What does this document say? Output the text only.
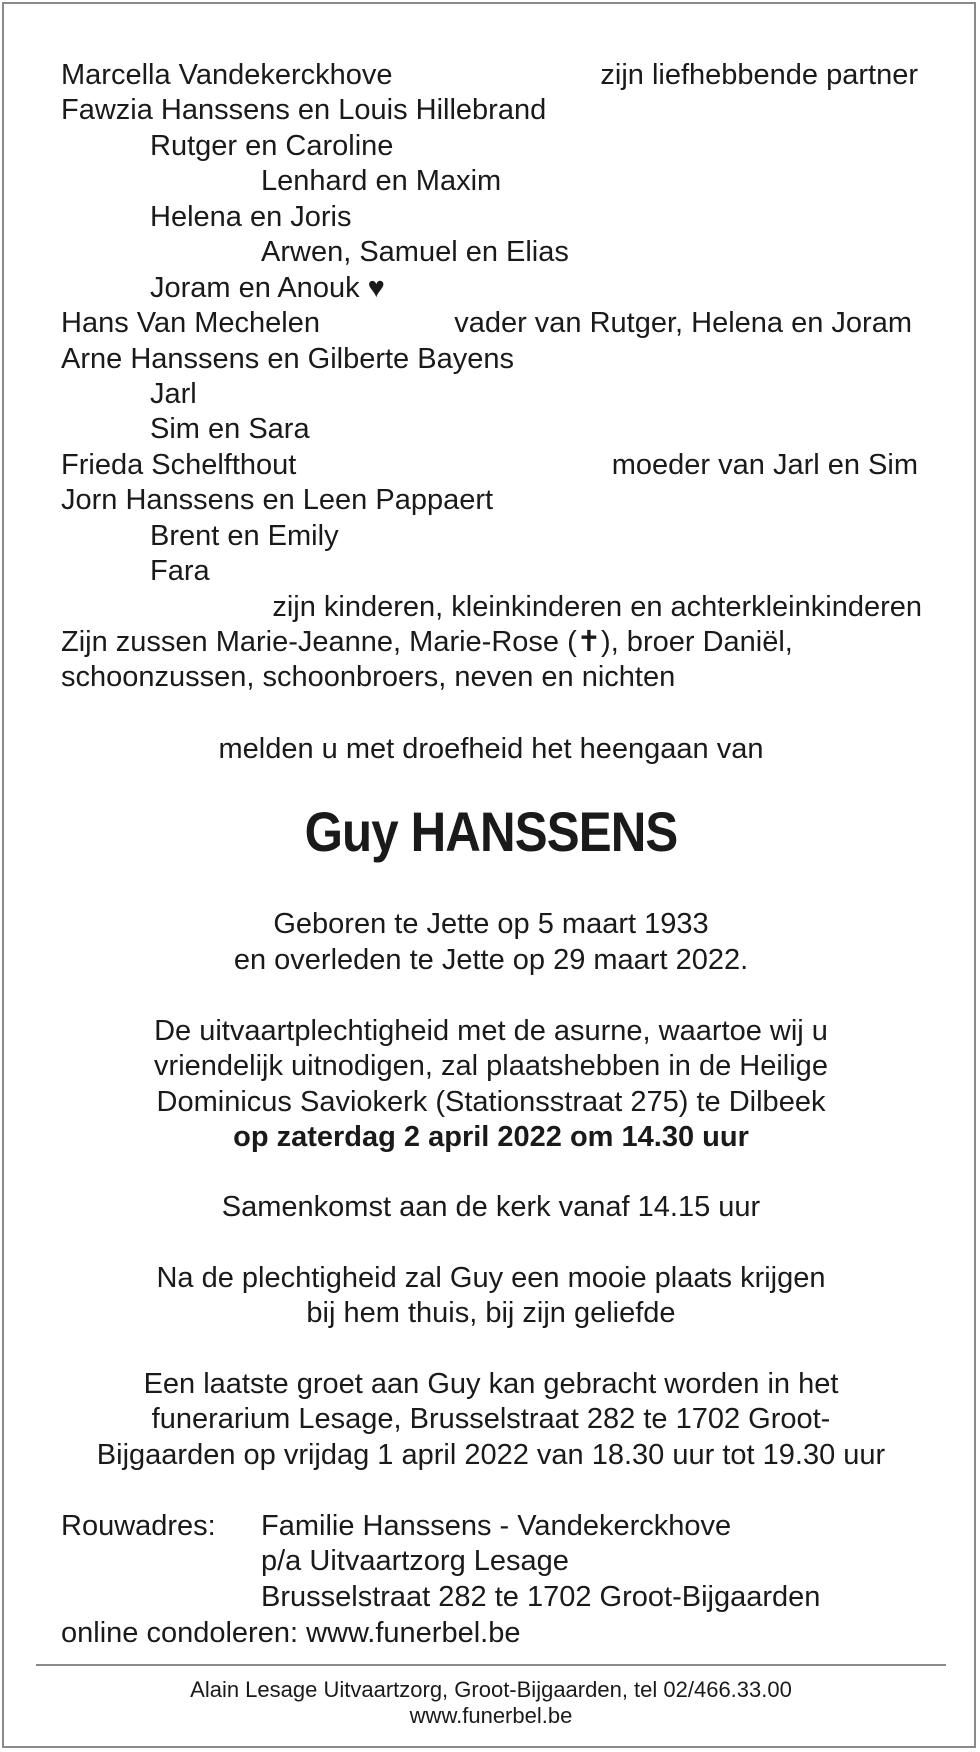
Marcella Vandekerckhove	zijn liefhebbende partner
Fawzia Hanssens en Louis Hillebrand
Rutger en Caroline
Lenhard en Maxim
Helena en Joris
Arwen, Samuel en Elias
Joram en Anouk ♥
Hans Van Mechelen	vader van Rutger, Helena en Joram
Arne Hanssens en Gilberte Bayens
Jarl
Sim en Sara
Frieda Schelfthout	moeder van Jarl en Sim
Jorn Hanssens en Leen Pappaert
Brent en Emily
Fara
zijn kinderen, kleinkinderen en achterkleinkinderen
Zijn zussen Marie-Jeanne, Marie-Rose (✝), broer Daniël,
schoonzussen, schoonbroers, neven en nichten
melden u met droefheid het heengaan van
Guy HANSSENS
Geboren te Jette op 5 maart 1933
en overleden te Jette op 29 maart 2022.
De uitvaartplechtigheid met de asurne, waartoe wij u
vriendelijk uitnodigen, zal plaatshebben in de Heilige
Dominicus Saviokerk (Stationsstraat 275) te Dilbeek
op zaterdag 2 april 2022 om 14.30 uur
Samenkomst aan de kerk vanaf 14.15 uur
Na de plechtigheid zal Guy een mooie plaats krijgen
bij hem thuis, bij zijn geliefde
Een laatste groet aan Guy kan gebracht worden in het
funerarium Lesage, Brusselstraat 282 te 1702 Groot-
Bijgaarden op vrijdag 1 april 2022 van 18.30 uur tot 19.30 uur
Rouwadres: Familie Hanssens - Vandekerckhove
p/a Uitvaartzorg Lesage
Brusselstraat 282 te 1702 Groot-Bijgaarden
online condoleren: www.funerbel.be
Alain Lesage Uitvaartzorg, Groot-Bijgaarden, tel 02/466.33.00
www.funerbel.be
